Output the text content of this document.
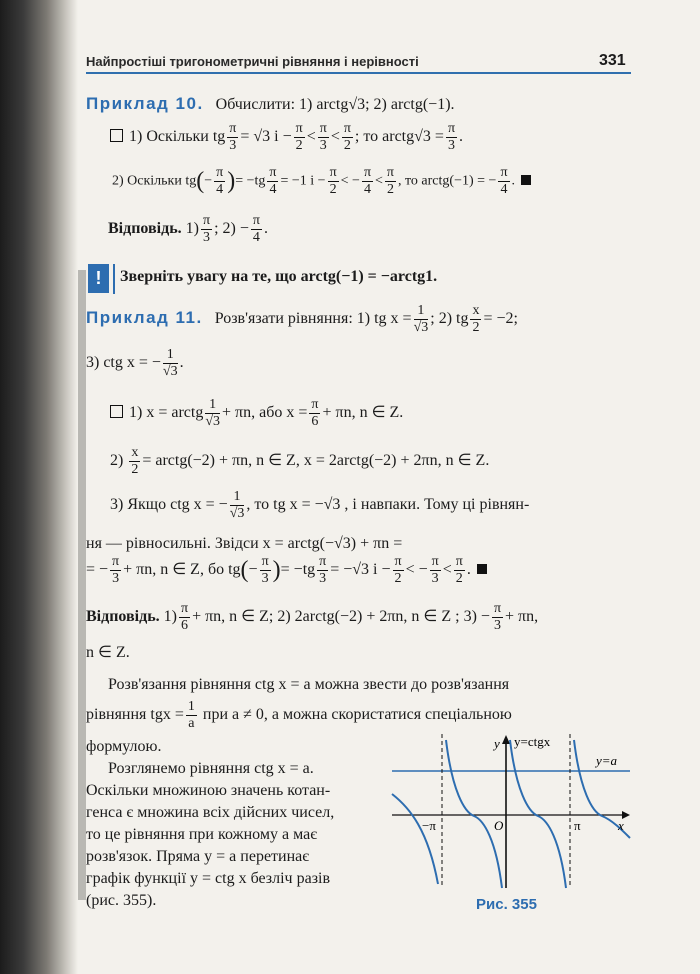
Найпростіші тригонометричні рівняння і нерівності	331
Приклад 10. Обчислити: 1) arctg√3; 2) arctg(−1).
1) Оскільки tg $\frac{\pi}{3} = √3$ $і - \frac{\pi}{2} < \frac{\pi}{3} < \frac{\pi}{2}$ ; то arctg√3 = $\frac{\pi}{3}$ .
2) Оскільки $tg(- \frac{\pi}{4}$ )= $-tg \frac{\pi}{4} = -1$ $і - \frac{\pi}{2}$ < − $\frac{\pi}{4} < \frac{\pi}{2}$ , то arctg(−1) = − $\frac{\pi}{4}$ .
Відповідь. $1) \frac{\pi}{3}$ ; $2) - \frac{\pi}{4}$ .
!	Зверніть увагу на те, що arctg(−1) = −arctg1.
Приклад 11. Розв'язати рівняння: 1) tg $x = \frac{1}{√3}$ ; 2) tg $\frac{x}{2} = -2$;
3) ctg x = − $\frac{1}{√3}$ .
1) x = arctg $\frac{1}{√3} + \pi n$, або $x = \frac{\pi}{6} + \pi n$, n ∈ Z.
$2) \frac{x}{2}$ = arctg(−2) + πn, n ∈ Z, x = 2arctg(−2) + 2πn, n ∈ Z.
3) Якщо ctg x = − $\frac{1}{√3}$ , то tg x = −√3 , і навпаки. Тому ці рівнян-
ня — рівносильні. Звідси x = arctg(−√3) + πn =
= − $\frac{\pi}{3} + \pi n$, n ∈ Z, бо $tg(- \frac{\pi}{3}$ )= $-tg \frac{\pi}{3} = -√3$ $і - \frac{\pi}{2}$ < − $\frac{\pi}{3} < \frac{\pi}{2}$ .
Відповідь. $1) \frac{\pi}{6} + \pi n$, n ∈ Z; 2) 2arctg(−2) + 2πn, n ∈ Z ; $3) - \frac{\pi}{3} + \pi n$,
n ∈ Z.
Розв'язання рівняння ctg x = a можна звести до розв'язання
рівняння tgx = $\frac{1}{a}$ при a ≠ 0, а можна скористатися спеціальною
формулою.
Розглянемо рівняння ctg x = a.
Оскільки множиною значень котан-
генса є множина всіх дійсних чисел,
то це рівняння при кожному a має
розв'язок. Пряма y = a перетинає
графік функції y = ctg x безліч разів
(рис. 355).
y y=ctgx
y=a
x
O
−π	π
Рис. 355
